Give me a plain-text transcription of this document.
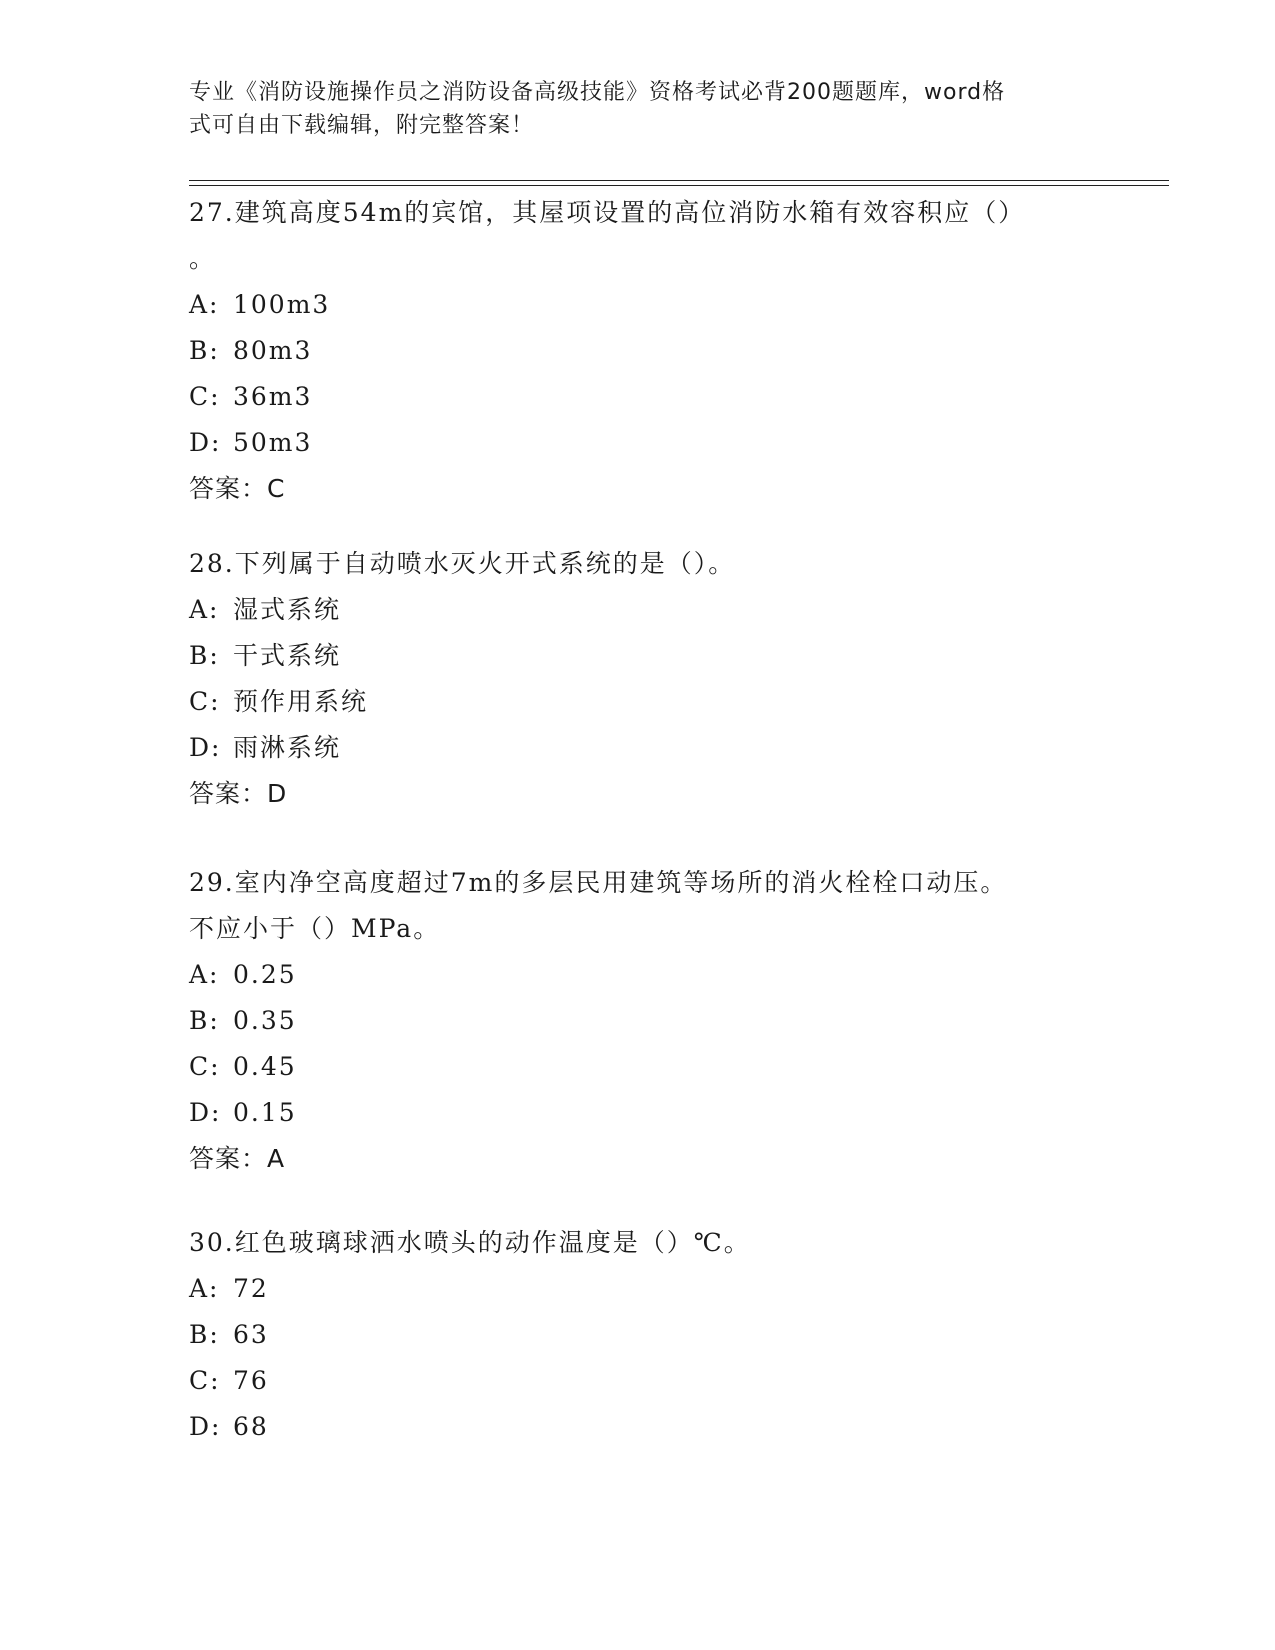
专业《消防设施操作员之消防设备高级技能》资格考试必背200题题库，word格
式可自由下载编辑，附完整答案！
27.建筑高度54m的宾馆，其屋项设置的高位消防水箱有效容积应（）
。
A: 100m3
B: 80m3
C: 36m3
D: 50m3
答案：C
28.下列属于自动喷水灭火开式系统的是（）。
A: 湿式系统
B: 干式系统
C: 预作用系统
D: 雨淋系统
答案：D
29.室内净空高度超过7m的多层民用建筑等场所的消火栓栓口动压。
不应小于（）MPa。
A: 0.25
B: 0.35
C: 0.45
D: 0.15
答案：A
30.红色玻璃球洒水喷头的动作温度是（）℃。
A: 72
B: 63
C: 76
D: 68
